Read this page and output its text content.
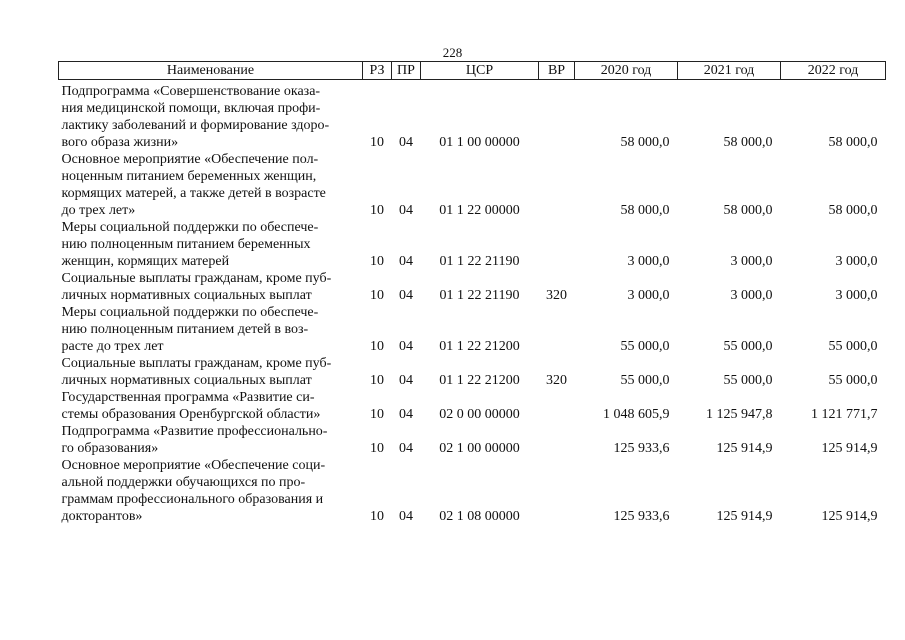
228
Наименование	РЗ	ПР	ЦСР	ВР	2020 год	2021 год	2022 год

Подпрограмма «Совершенствование оказа-
ния медицинской помощи, включая профи-
лактику заболеваний и формирование здоро-
вого образа жизни»	10	04	01 1 00 00000		58 000,0	58 000,0	58 000,0

Основное мероприятие «Обеспечение пол-
ноценным питанием беременных женщин,
кормящих матерей, а также детей в возрасте
до трех лет»	10	04	01 1 22 00000		58 000,0	58 000,0	58 000,0

Меры социальной поддержки по обеспече-
нию полноценным питанием беременных
женщин, кормящих матерей	10	04	01 1 22 21190		3 000,0	3 000,0	3 000,0

Социальные выплаты гражданам, кроме пуб-
личных нормативных социальных выплат	10	04	01 1 22 21190	320	3 000,0	3 000,0	3 000,0

Меры социальной поддержки по обеспече-
нию полноценным питанием детей в воз-
расте до трех лет	10	04	01 1 22 21200		55 000,0	55 000,0	55 000,0

Социальные выплаты гражданам, кроме пуб-
личных нормативных социальных выплат	10	04	01 1 22 21200	320	55 000,0	55 000,0	55 000,0

Государственная программа «Развитие си-
стемы образования Оренбургской области»	10	04	02 0 00 00000		1 048 605,9	1 125 947,8	1 121 771,7

Подпрограмма «Развитие профессионально-
го образования»	10	04	02 1 00 00000		125 933,6	125 914,9	125 914,9

Основное мероприятие «Обеспечение соци-
альной поддержки обучающихся по про-
граммам профессионального образования и
докторантов»	10	04	02 1 08 00000		125 933,6	125 914,9	125 914,9
